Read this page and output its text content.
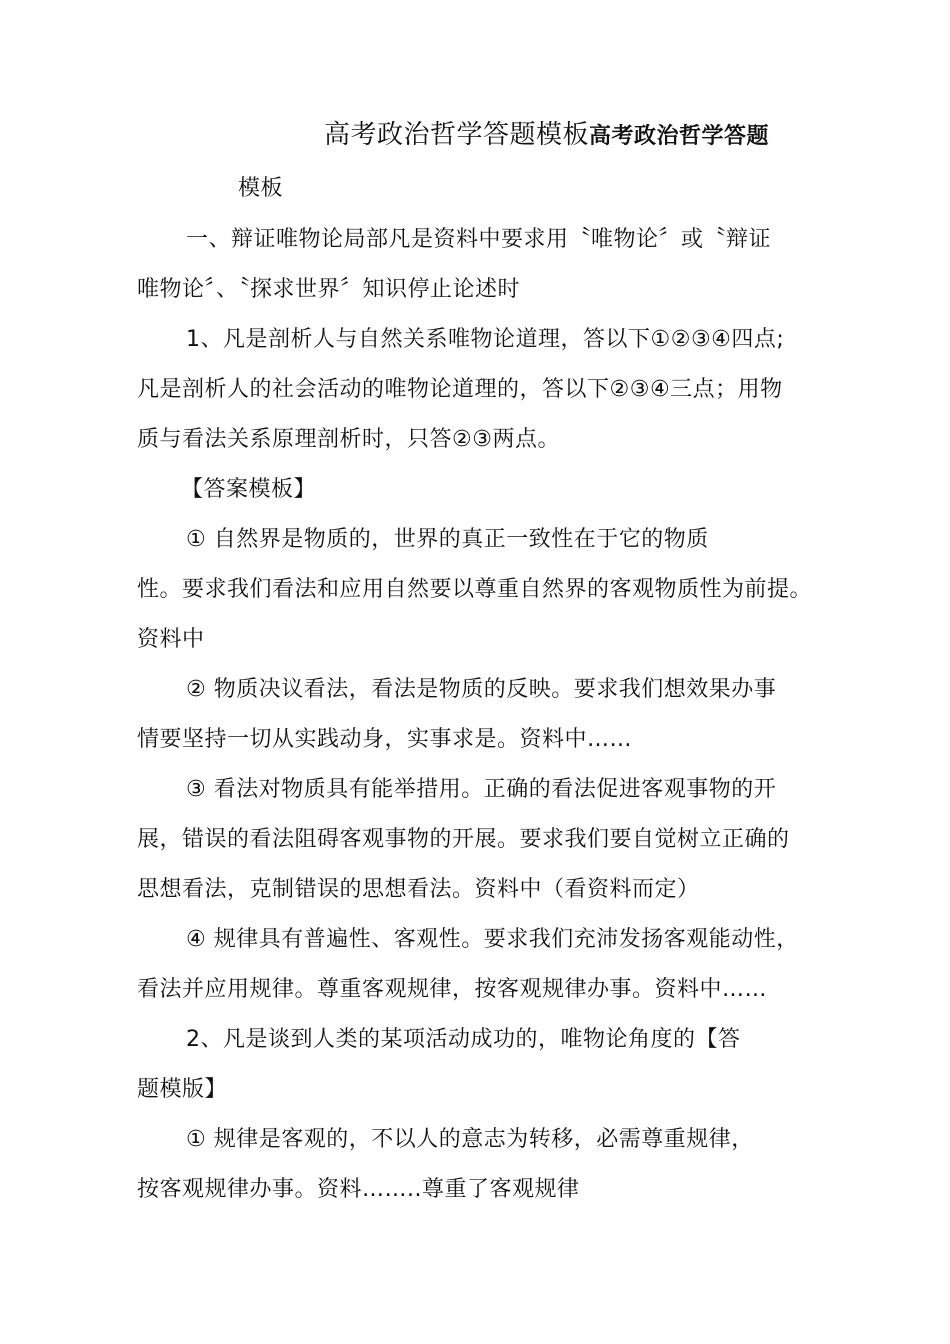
高考政治哲学答题模板高考政治哲学答题
模板
一、辩证唯物论局部凡是资料中要求用〝唯物论〞或〝辩证
唯物论〞、〝探求世界〞知识停止论述时
1、凡是剖析人与自然关系唯物论道理，答以下①②③④四点;
凡是剖析人的社会活动的唯物论道理的，答以下②③④三点；用物
质与看法关系原理剖析时，只答②③两点。
【答案模板】
① 自然界是物质的，世界的真正一致性在于它的物质
性。要求我们看法和应用自然要以尊重自然界的客观物质性为前提。
资料中
② 物质决议看法，看法是物质的反映。要求我们想效果办事
情要坚持一切从实践动身，实事求是。资料中……
③ 看法对物质具有能举措用。正确的看法促进客观事物的开
展，错误的看法阻碍客观事物的开展。要求我们要自觉树立正确的
思想看法，克制错误的思想看法。资料中（看资料而定）
④ 规律具有普遍性、客观性。要求我们充沛发扬客观能动性，
看法并应用规律。尊重客观规律，按客观规律办事。资料中……
2、凡是谈到人类的某项活动成功的，唯物论角度的【答
题模版】
① 规律是客观的，不以人的意志为转移，必需尊重规律，
按客观规律办事。资料……..尊重了客观规律
